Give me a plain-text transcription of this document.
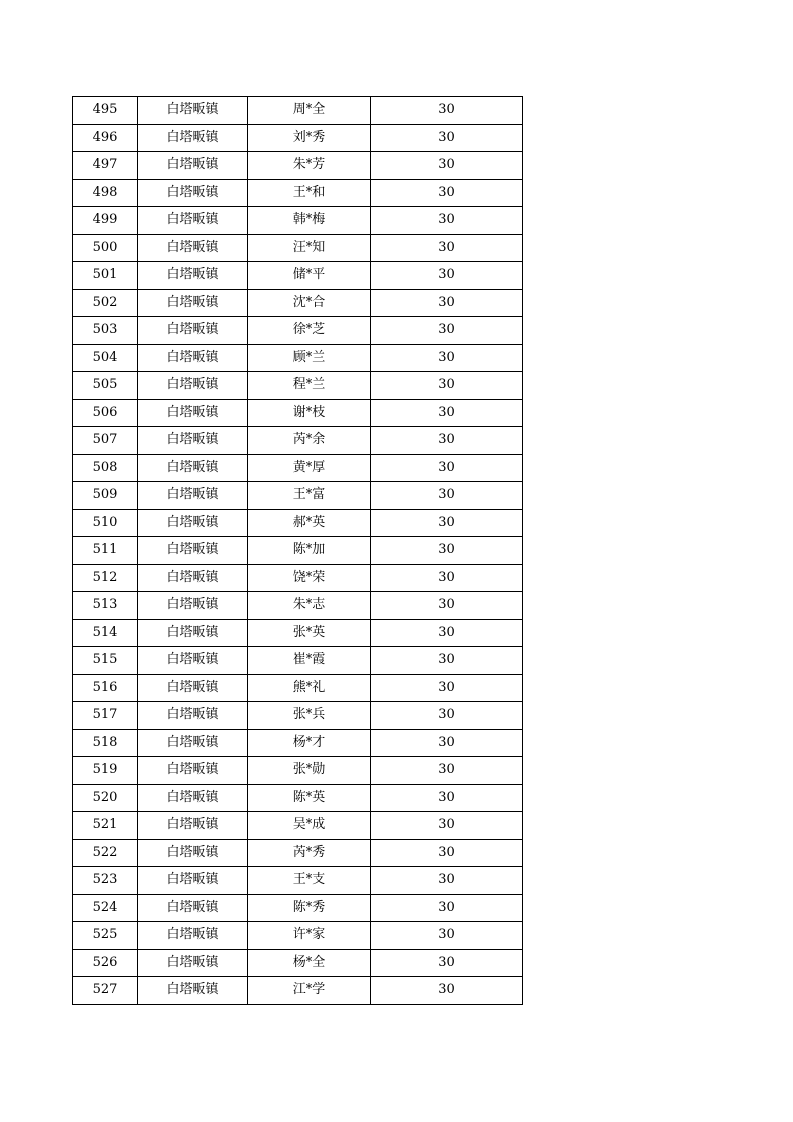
495	白塔畈镇	周*全	30
496	白塔畈镇	刘*秀	30
497	白塔畈镇	朱*芳	30
498	白塔畈镇	王*和	30
499	白塔畈镇	韩*梅	30
500	白塔畈镇	汪*知	30
501	白塔畈镇	储*平	30
502	白塔畈镇	沈*合	30
503	白塔畈镇	徐*芝	30
504	白塔畈镇	顾*兰	30
505	白塔畈镇	程*兰	30
506	白塔畈镇	谢*枝	30
507	白塔畈镇	芮*余	30
508	白塔畈镇	黄*厚	30
509	白塔畈镇	王*富	30
510	白塔畈镇	郝*英	30
511	白塔畈镇	陈*加	30
512	白塔畈镇	饶*荣	30
513	白塔畈镇	朱*志	30
514	白塔畈镇	张*英	30
515	白塔畈镇	崔*霞	30
516	白塔畈镇	熊*礼	30
517	白塔畈镇	张*兵	30
518	白塔畈镇	杨*才	30
519	白塔畈镇	张*勋	30
520	白塔畈镇	陈*英	30
521	白塔畈镇	吴*成	30
522	白塔畈镇	芮*秀	30
523	白塔畈镇	王*支	30
524	白塔畈镇	陈*秀	30
525	白塔畈镇	许*家	30
526	白塔畈镇	杨*全	30
527	白塔畈镇	江*学	30
